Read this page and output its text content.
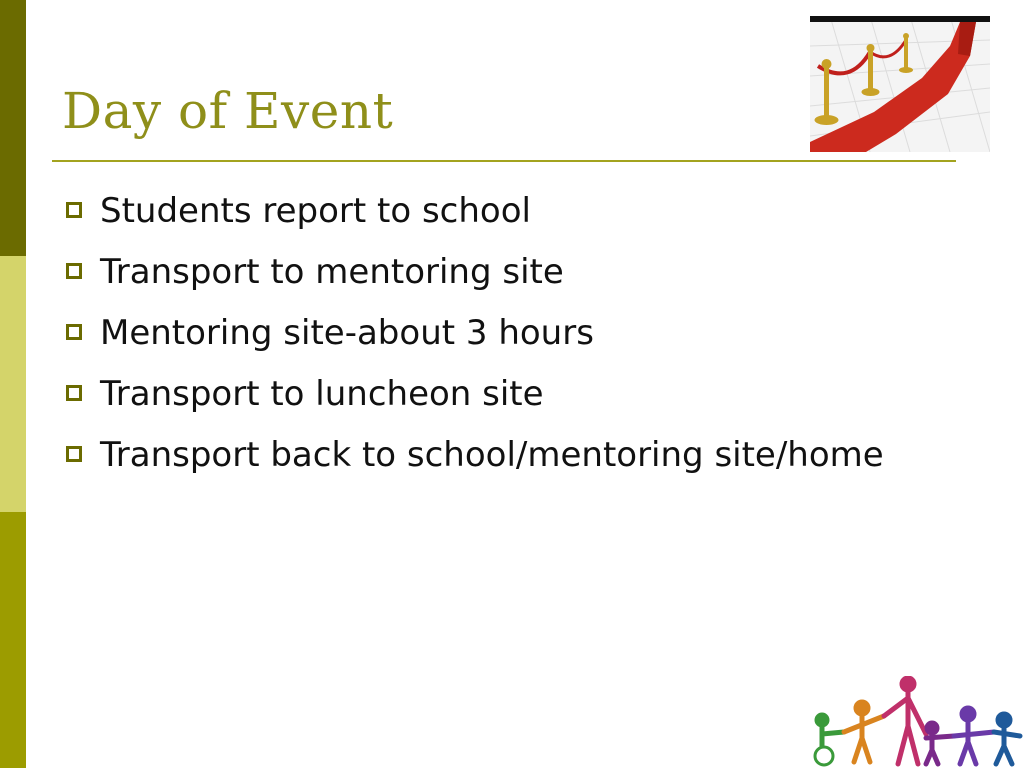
Day of Event
Students report to school
Transport to mentoring site
Mentoring site-about 3 hours
Transport to luncheon site
Transport back to school/mentoring site/home
